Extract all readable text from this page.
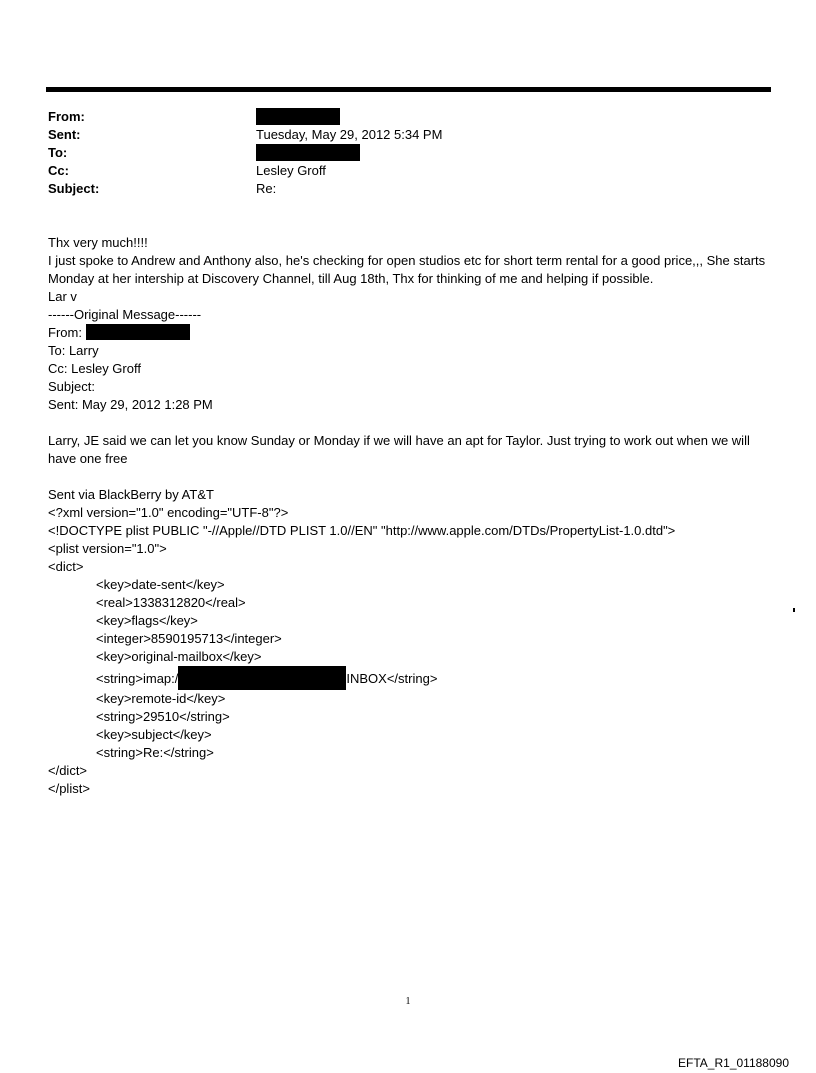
From:
Sent:	Tuesday, May 29, 2012 5:34 PM
To:
Cc:	Lesley Groff
Subject:	Re:
Thx very much!!!!
I just spoke to Andrew and Anthony also, he's checking for open studios etc for short term rental for a good price,,, She starts Monday at her intership at Discovery Channel, till Aug 18th, Thx for thinking of me and helping if possible.
Lar v
------Original Message------
From:
To: Larry
Cc: Lesley Groff
Subject:
Sent: May 29, 2012 1:28 PM
Larry, JE said we can let you know Sunday or Monday if we will have an apt for Taylor. Just trying to work out when we will have one free
Sent via BlackBerry by AT&T
<?xml version="1.0" encoding="UTF-8"?>
<!DOCTYPE plist PUBLIC "-//Apple//DTD PLIST 1.0//EN" "http://www.apple.com/DTDs/PropertyList-1.0.dtd">
<plist version="1.0">
<dict>
<key>date-sent</key>
<real>1338312820</real>
<key>flags</key>
<integer>8590195713</integer>
<key>original-mailbox</key>
<string>imap:/	INBOX</string>
<key>remote-id</key>
<string>29510</string>
<key>subject</key>
<string>Re:</string>
</dict>
</plist>
1
EFTA_R1_01188090
